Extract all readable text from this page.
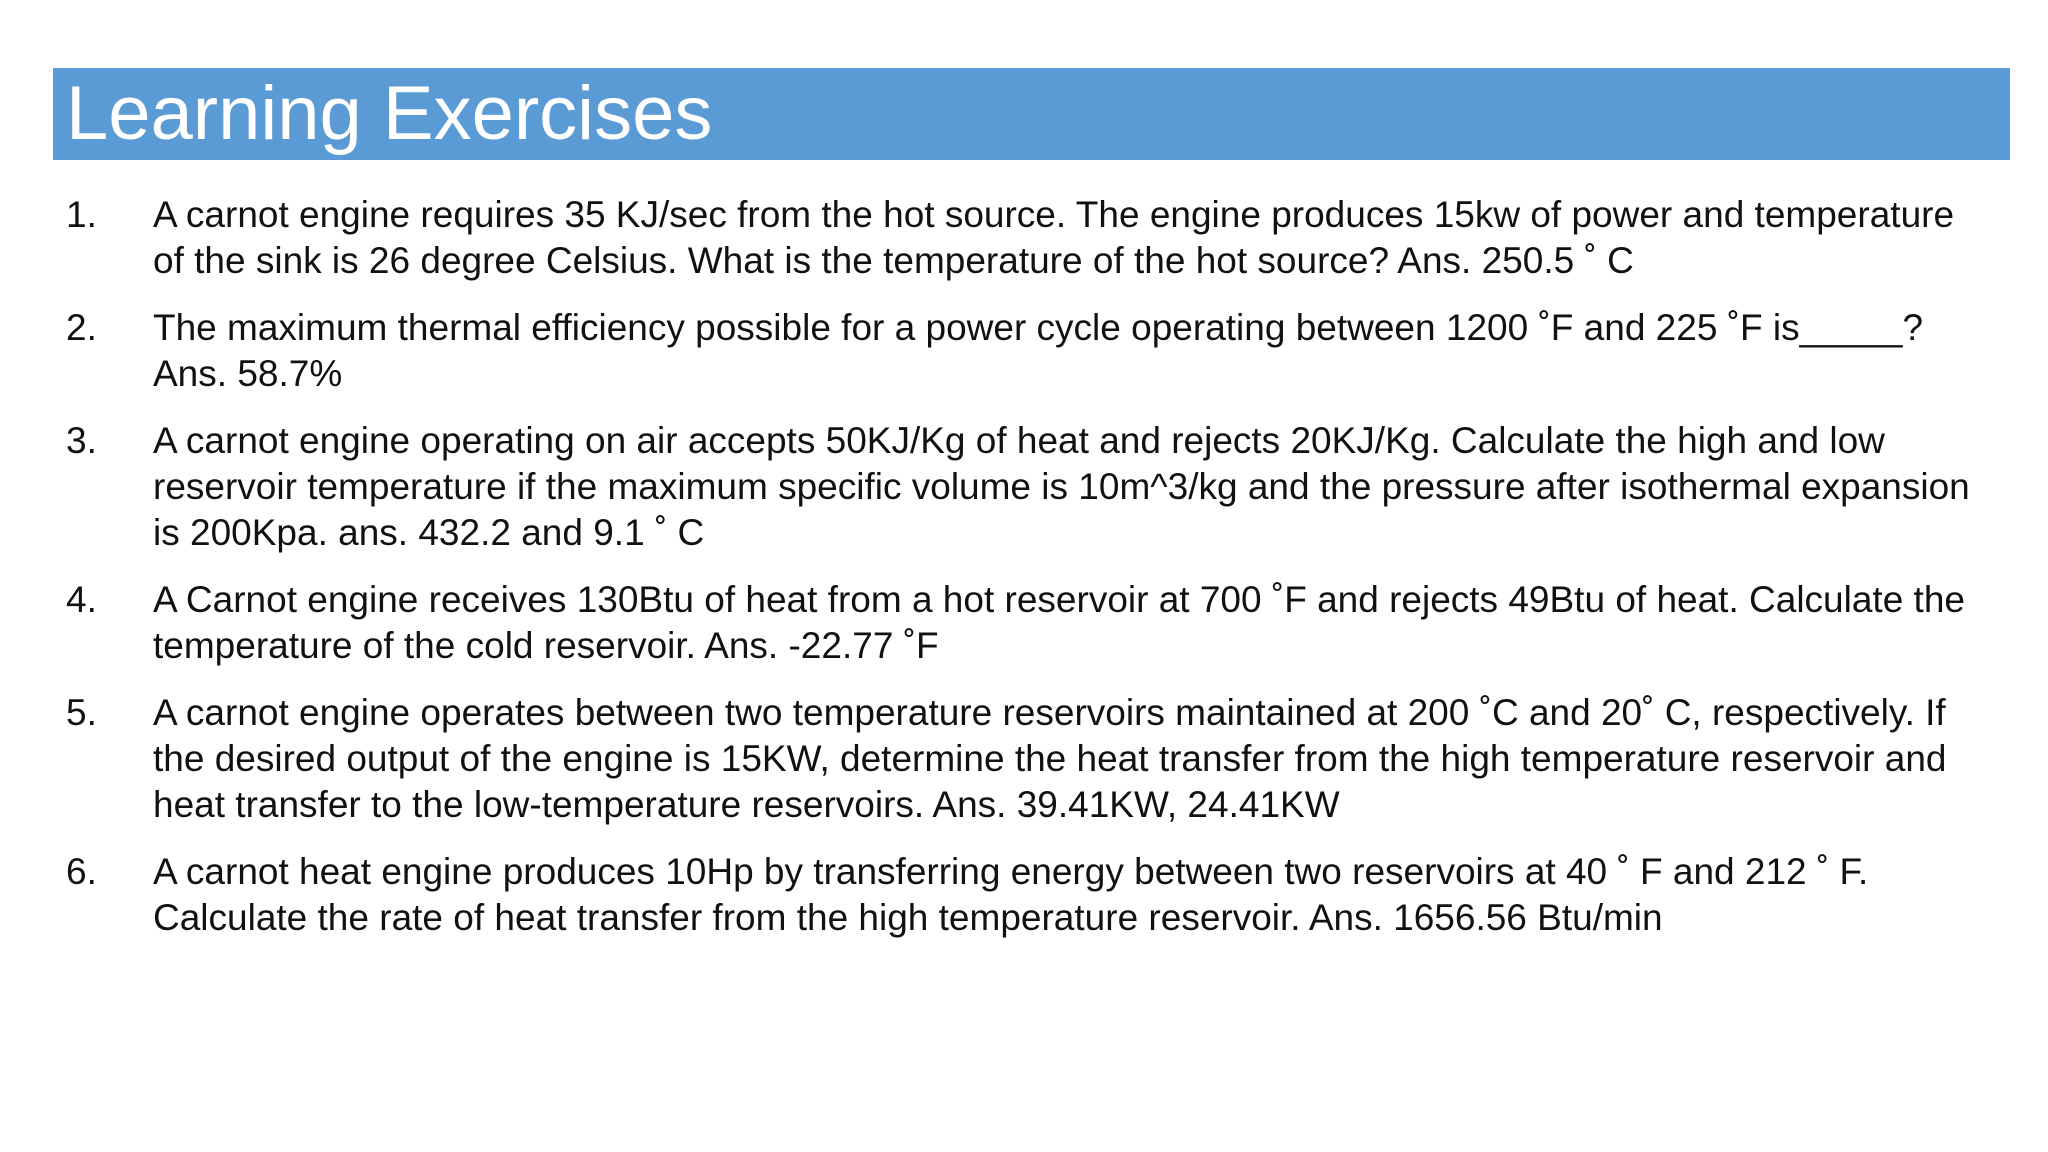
Learning Exercises
1. A carnot engine requires 35 KJ/sec from the hot source. The engine produces 15kw of power and temperature of the sink is 26 degree Celsius. What is the temperature of the hot source? Ans. 250.5 ˚ C
2. The maximum thermal efficiency possible for a power cycle operating between 1200 ˚F and 225 ˚F is_____? Ans. 58.7%
3. A carnot engine operating on air accepts 50KJ/Kg of heat and rejects 20KJ/Kg. Calculate the high and low reservoir temperature if the maximum specific volume is 10m^3/kg and the pressure after isothermal expansion is 200Kpa. ans. 432.2 and 9.1 ˚ C
4. A Carnot engine receives 130Btu of heat from a hot reservoir at 700 ˚F and rejects 49Btu of heat. Calculate the temperature of the cold reservoir. Ans. -22.77 ˚F
5. A carnot engine operates between two temperature reservoirs maintained at 200 ˚C and 20˚ C, respectively. If the desired output of the engine is 15KW, determine the heat transfer from the high temperature reservoir and heat transfer to the low-temperature reservoirs. Ans. 39.41KW, 24.41KW
6. A carnot heat engine produces 10Hp by transferring energy between two reservoirs at 40 ˚ F and 212 ˚ F. Calculate the rate of heat transfer from the high temperature reservoir. Ans. 1656.56 Btu/min
